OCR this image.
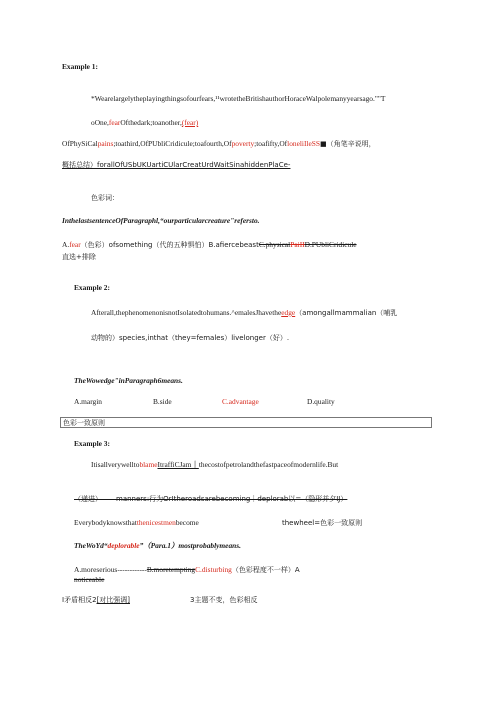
Example 1:
*Wearelargelytheplayingthingsofourfears,¹¹wrotetheBritishauthorHoraceWalpolemanyyearsago.""T
oOne,fearOfthedark;toanother,(fear)
OfPhySiCalpains;toathird,OfPUbliCridicule;toafourth,Ofpoverty;toafifty,OfloneliIleSS■（角笔辛说明，
概括总结）forallOfUSbUKUartiCUlarCreatUrdWaitSinahiddenPlaCe-
色彩词：
InthelastsentenceOfParagraphl,“ourparticularcreature"refersto.
A.fear（色彩）ofsomething（代的五种惧怕）B.afiercebeastC.physicalPaiIID.PUbliCridicule
直选+排除
Example 2:
Afterall,thephenomenonisnotIsolatedtohumans.^emalesJhavetheedge（amongallmammalian（哺乳
动物的）species,inthat（they=females）livelonger（好）.
TheWowedge"inParagraph6means.
A.margin	B.side	C.advantage	D.quality
色彩一致原则
Example 3:
ItisallverywelltoblameItraffiCJam丨thecostofpetrolandthefastpaceofmodernlife.But
（递进）——manners:行为OrItheroadsarebecoming｜deplorab以=（隐形并夕IJ）
Everybodyknowsthatthenicestmenbecome	thewheel=色彩一致原则
TheWoYd“deplorable”（Para.1）mostprobablymeans.
A.moreserious------------B.moretemptingC.disturbing（色彩程度不一样）A
noticeable
I矛盾相反2[对比强调]	3主题不变，色彩相反
